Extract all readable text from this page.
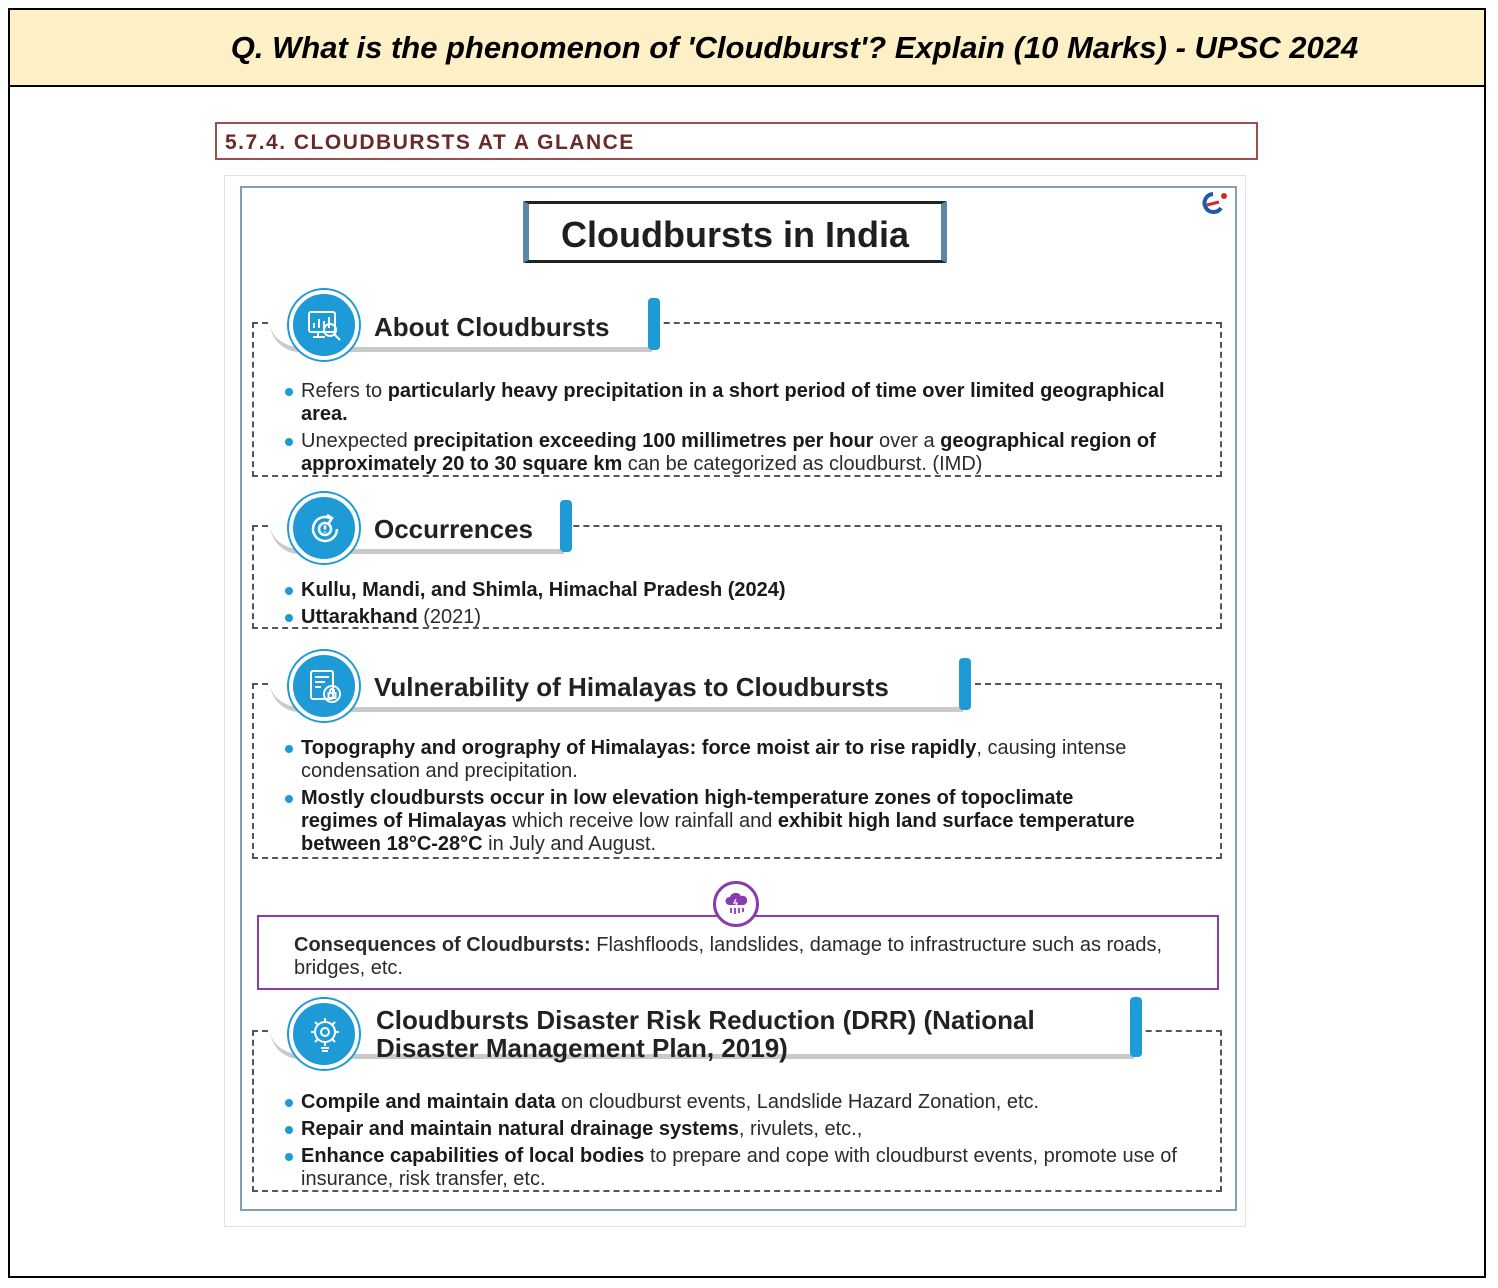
Q. What is the phenomenon of 'Cloudburst'? Explain (10 Marks) - UPSC 2024
5.7.4. CLOUDBURSTS AT A GLANCE
Cloudbursts in India
About Cloudbursts
Refers to particularly heavy precipitation in a short period of time over limited geographical area.
Unexpected precipitation exceeding 100 millimetres per hour over a geographical region of approximately 20 to 30 square km can be categorized as cloudburst. (IMD)
Occurrences
Kullu, Mandi, and Shimla, Himachal Pradesh (2024)
Uttarakhand (2021)
Vulnerability of Himalayas to Cloudbursts
Topography and orography of Himalayas: force moist air to rise rapidly, causing intense condensation and precipitation.
Mostly cloudbursts occur in low elevation high-temperature zones of topoclimate regimes of Himalayas which receive low rainfall and exhibit high land surface temperature between 18°C-28°C in July and August.
Consequences of Cloudbursts: Flashfloods, landslides, damage to infrastructure such as roads, bridges, etc.
Cloudbursts Disaster Risk Reduction (DRR) (National
Disaster Management Plan, 2019)
Compile and maintain data on cloudburst events, Landslide Hazard Zonation, etc.
Repair and maintain natural drainage systems, rivulets, etc.,
Enhance capabilities of local bodies to prepare and cope with cloudburst events, promote use of insurance, risk transfer, etc.
